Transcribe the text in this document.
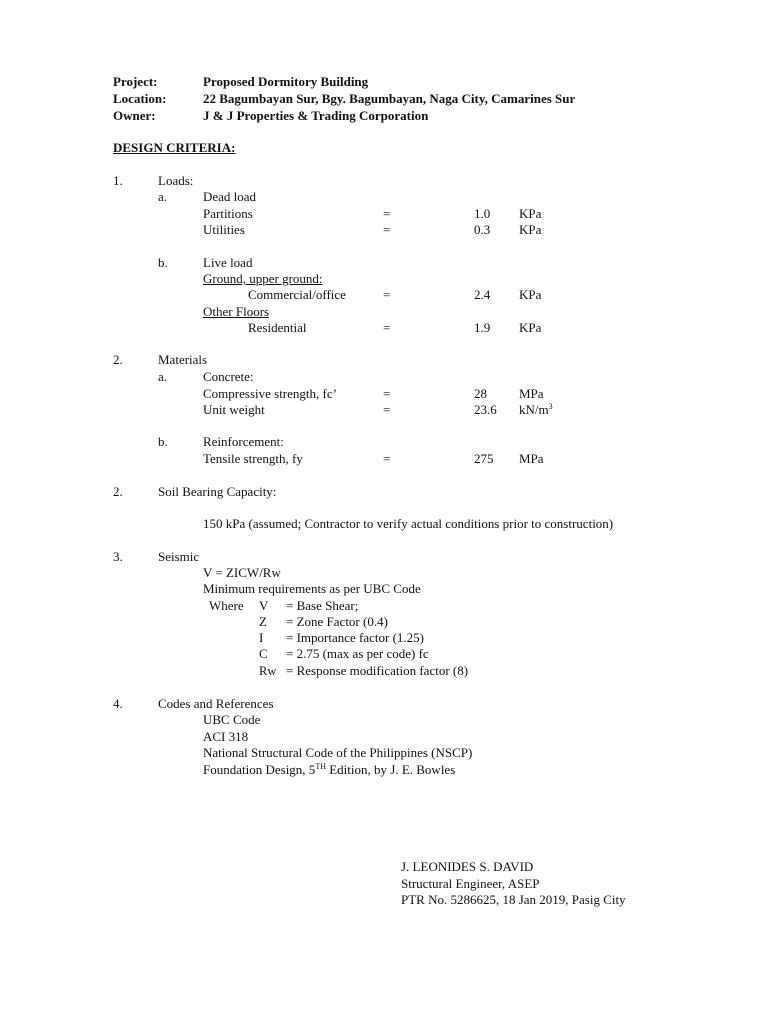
Project:	Proposed Dormitory Building
Location:	22 Bagumbayan Sur, Bgy. Bagumbayan, Naga City, Camarines Sur
Owner:	J & J Properties & Trading Corporation
DESIGN CRITERIA:
1.	Loads:
a.	Dead load
Partitions	=	1.0 KPa
Utilities	=	0.3 KPa
b.	Live load
Ground, upper ground:
Commercial/office	=	2.4 KPa
Other Floors
Residential	=	1.9 KPa
2.	Materials
a.	Concrete:
Compressive strength, fc’	=	28 MPa
Unit weight	=	23.6 $kN/m^3$
b.	Reinforcement:
Tensile strength, fy	=	275 MPa
2.	Soil Bearing Capacity:
150 kPa (assumed; Contractor to verify actual conditions prior to construction)
3.	Seismic
V = ZICW/Rw
Minimum requirements as per UBC Code
Where V = Base Shear;
Z = Zone Factor (0.4)
I = Importance factor (1.25)
C = 2.75 (max as per code) fc
Rw = Response modification factor (8)
4.	Codes and References
UBC Code
ACI 318
National Structural Code of the Philippines (NSCP)
Foundation Design, 5TH Edition, by J. E. Bowles
J. LEONIDES S. DAVID
Structural Engineer, ASEP
PTR No. 5286625, 18 Jan 2019, Pasig City
